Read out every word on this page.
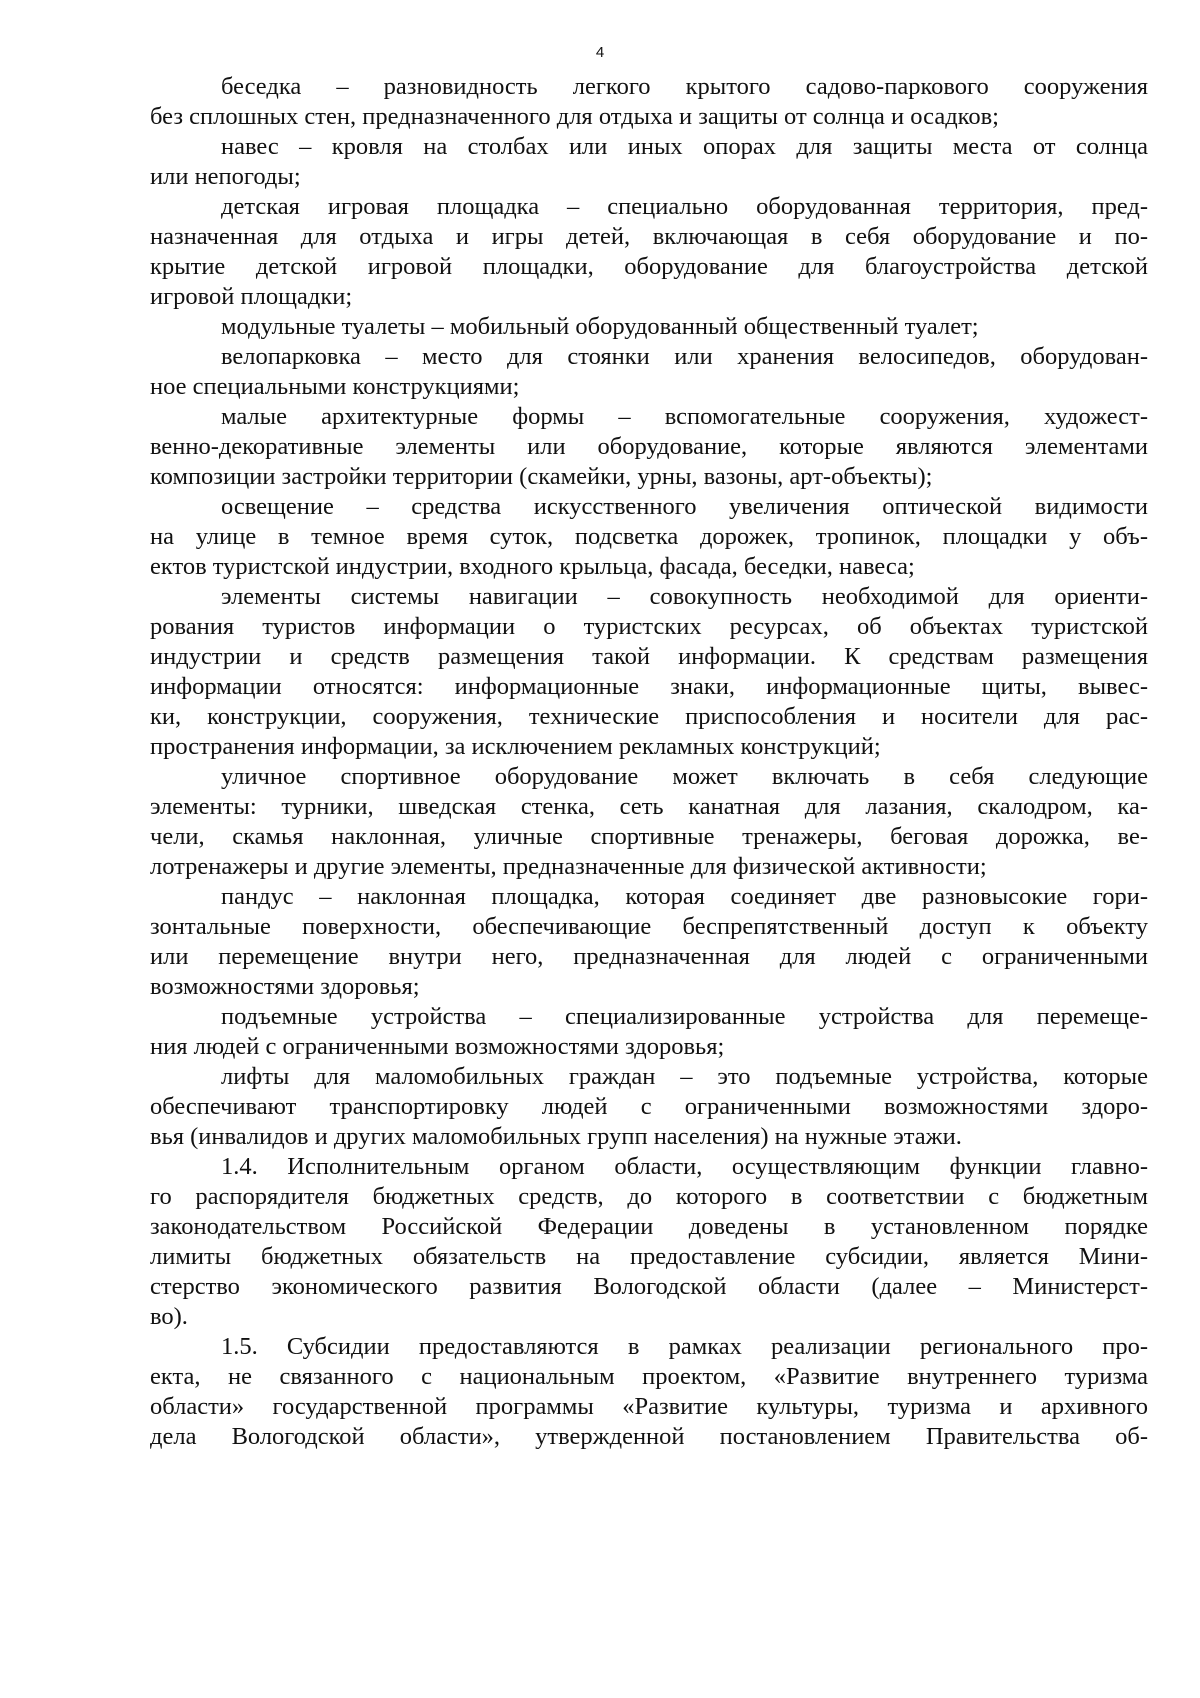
4
беседка – разновидность легкого крытого садово-паркового сооружения
без сплошных стен, предназначенного для отдыха и защиты от солнца и осадков;
навес – кровля на столбах или иных опорах для защиты места от солнца
или непогоды;
детская игровая площадка – специально оборудованная территория, пред-
назначенная для отдыха и игры детей, включающая в себя оборудование и по-
крытие детской игровой площадки, оборудование для благоустройства детской
игровой площадки;
модульные туалеты – мобильный оборудованный общественный туалет;
велопарковка – место для стоянки или хранения велосипедов, оборудован-
ное специальными конструкциями;
малые архитектурные формы – вспомогательные сооружения, художест-
венно-декоративные элементы или оборудование, которые являются элементами
композиции застройки территории (скамейки, урны, вазоны, арт-объекты);
освещение – средства искусственного увеличения оптической видимости
на улице в темное время суток, подсветка дорожек, тропинок, площадки у объ-
ектов туристской индустрии, входного крыльца, фасада, беседки, навеса;
элементы системы навигации – совокупность необходимой для ориенти-
рования туристов информации о туристских ресурсах, об объектах туристской
индустрии и средств размещения такой информации. К средствам размещения
информации относятся: информационные знаки, информационные щиты, вывес-
ки, конструкции, сооружения, технические приспособления и носители для рас-
пространения информации, за исключением рекламных конструкций;
уличное спортивное оборудование может включать в себя следующие
элементы: турники, шведская стенка, сеть канатная для лазания, скалодром, ка-
чели, скамья наклонная, уличные спортивные тренажеры, беговая дорожка, ве-
лотренажеры и другие элементы, предназначенные для физической активности;
пандус – наклонная площадка, которая соединяет две разновысокие гори-
зонтальные поверхности, обеспечивающие беспрепятственный доступ к объекту
или перемещение внутри него, предназначенная для людей с ограниченными
возможностями здоровья;
подъемные устройства – специализированные устройства для перемеще-
ния людей с ограниченными возможностями здоровья;
лифты для маломобильных граждан – это подъемные устройства, которые
обеспечивают транспортировку людей с ограниченными возможностями здоро-
вья (инвалидов и других маломобильных групп населения) на нужные этажи.
1.4. Исполнительным органом области, осуществляющим функции главно-
го распорядителя бюджетных средств, до которого в соответствии с бюджетным
законодательством Российской Федерации доведены в установленном порядке
лимиты бюджетных обязательств на предоставление субсидии, является Мини-
стерство экономического развития Вологодской области (далее – Министерст-
во).
1.5. Субсидии предоставляются в рамках реализации регионального про-
екта, не связанного с национальным проектом, «Развитие внутреннего туризма
области» государственной программы «Развитие культуры, туризма и архивного
дела Вологодской области», утвержденной постановлением Правительства об-
